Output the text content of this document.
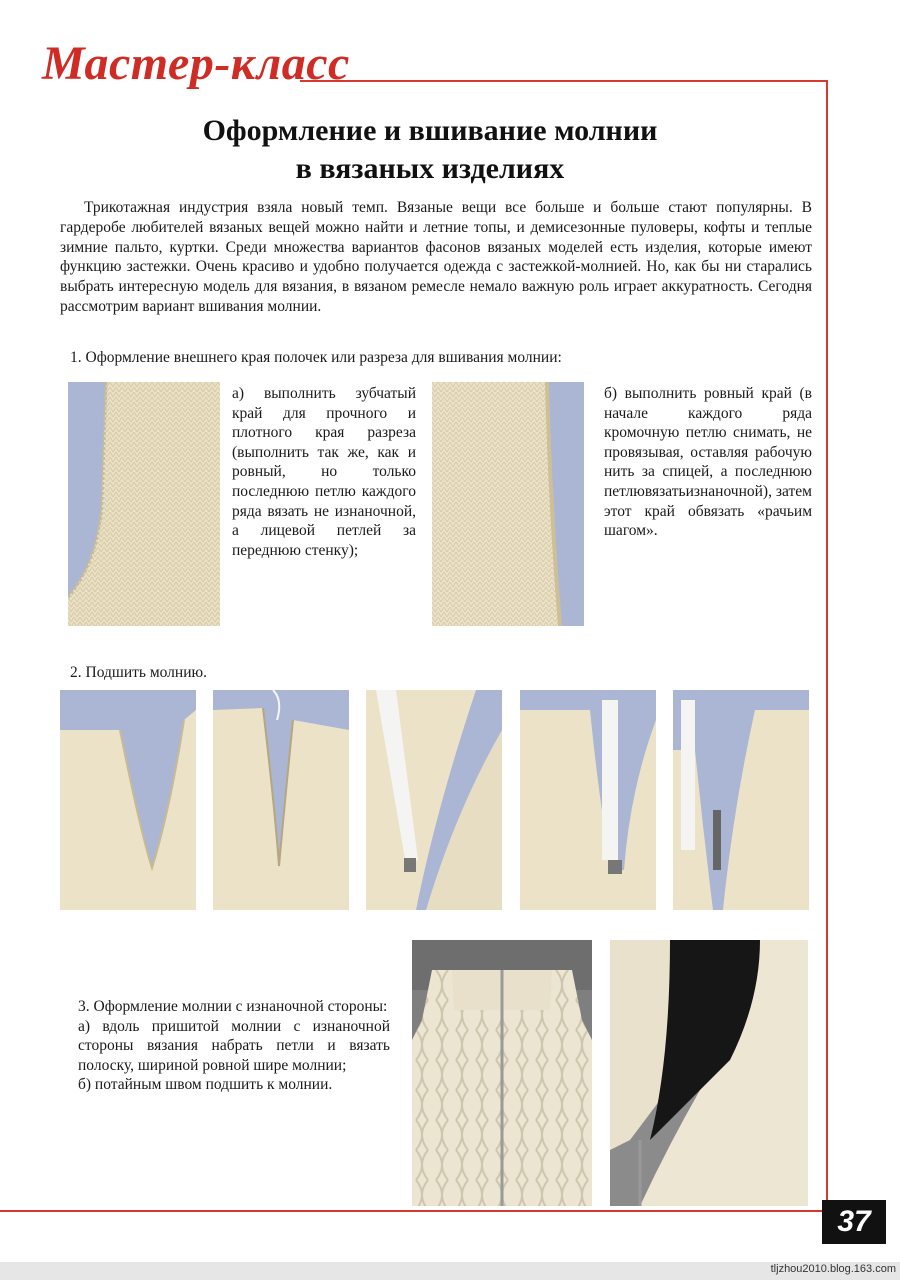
Мастер-класс
Оформление и вшивание молнии
в вязаных изделиях

Трикотажная индустрия взяла новый темп. Вязаные вещи все больше и больше стают популярны. В гардеробе любителей вязаных вещей можно найти и летние топы, и демисезонные пуловеры, кофты и теплые зимние пальто, куртки. Среди множества вариантов фасонов вязаных моделей есть изделия, которые имеют функцию застежки. Очень красиво и удобно получается одежда с застежкой-молнией. Но, как бы ни старались выбрать интересную модель для вязания, в вязаном ремесле немало важную роль играет аккуратность. Сегодня рассмотрим вариант вшивания молнии.

1. Оформление внешнего края полочек или разреза для вшивания молнии:
а) выполнить зубчатый край для прочного и плотного края разреза (выполнить так же, как и ровный, но только последнюю петлю каждого ряда вязать не изнаночной, а лицевой петлей за переднюю стенку);
б) выполнить ровный край (в начале каждого ряда кромочную петлю снимать, не провязывая, оставляя рабочую нить за спицей, а последнюю петлювязатьизнаночной), затем этот край обвязать «рачьим шагом».
2. Подшить молнию.
3. Оформление молнии с изнаночной стороны:
а) вдоль пришитой молнии с изнаночной стороны вязания набрать петли и вязать полоску, шириной ровной шире молнии;
б) потайным швом подшить к молнии.
37
tljzhou2010.blog.163.com
